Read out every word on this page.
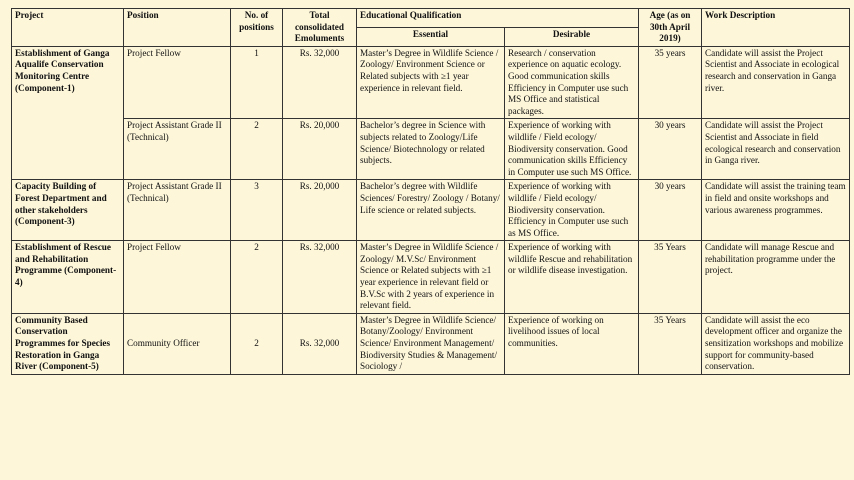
Project	Position	No. of positions	Total consolidated Emoluments	Educational Qualification		Age (as on 30th April 2019)	Work Description
				Essential	Desirable		
Establishment of Ganga Aqualife Conservation Monitoring Centre (Component-1)	Project Fellow	1	Rs. 32,000	Master’s Degree in Wildlife Science / Zoology/ Environment Science or Related subjects with ≥1 year experience in relevant field.	Research / conservation experience on aquatic ecology. Good communication skills Efficiency in Computer use such MS Office and statistical packages.	35 years	Candidate will assist the Project Scientist and Associate in ecological research and conservation in Ganga river.
	Project Assistant Grade II (Technical)	2	Rs. 20,000	Bachelor’s degree in Science with subjects related to Zoology/Life Science/ Biotechnology or related subjects.	Experience of working with wildlife / Field ecology/ Biodiversity conservation. Good communication skills Efficiency in Computer use such MS Office.	30 years	Candidate will assist the Project Scientist and Associate in field ecological research and conservation in Ganga river.
Capacity Building of Forest Department and other stakeholders (Component-3)	Project Assistant Grade II (Technical)	3	Rs. 20,000	Bachelor’s degree with Wildlife Sciences/ Forestry/ Zoology / Botany/ Life science or related subjects.	Experience of working with wildlife / Field ecology/ Biodiversity conservation. Efficiency in Computer use such as MS Office.	30 years	Candidate will assist the training team in field and onsite workshops and various awareness programmes.
Establishment of Rescue and Rehabilitation Programme (Component-4)	Project Fellow	2	Rs. 32,000	Master’s Degree in Wildlife Science / Zoology/ M.V.Sc/ Environment Science or Related subjects with ≥1 year experience in relevant field or B.V.Sc with 2 years of experience in relevant field.	Experience of working with wildlife Rescue and rehabilitation or wildlife disease investigation.	35 Years	Candidate will manage Rescue and rehabilitation programme under the project.
Community Based Conservation Programmes for Species Restoration in Ganga River (Component-5)	Community Officer	2	Rs. 32,000	Master’s Degree in Wildlife Science/ Botany/Zoology/ Environment Science/ Environment Management/ Biodiversity Studies & Management/ Sociology /	Experience of working on livelihood issues of local communities.	35 Years	Candidate will assist the eco development officer and organize the sensitization workshops and mobilize support for community-based conservation.
